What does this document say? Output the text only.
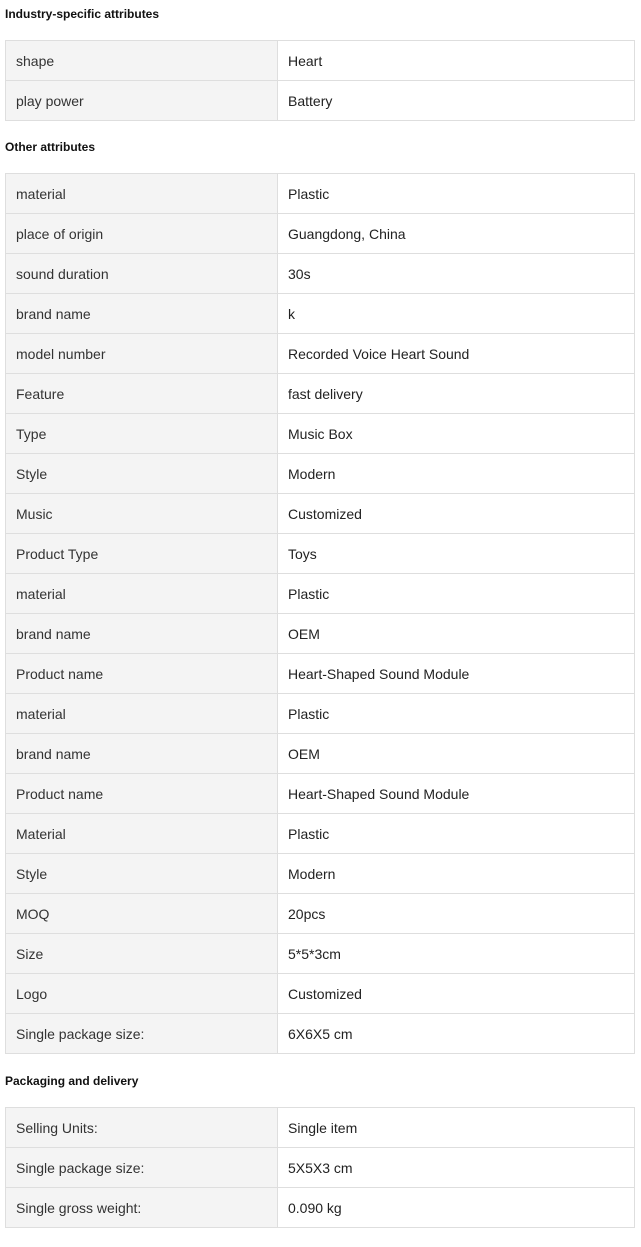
Industry-specific attributes
shape	Heart
play power	Battery
Other attributes
material	Plastic
place of origin	Guangdong, China
sound duration	30s
brand name	k
model number	Recorded Voice Heart Sound
Feature	fast delivery
Type	Music Box
Style	Modern
Music	Customized
Product Type	Toys
material	Plastic
brand name	OEM
Product name	Heart-Shaped Sound Module
material	Plastic
brand name	OEM
Product name	Heart-Shaped Sound Module
Material	Plastic
Style	Modern
MOQ	20pcs
Size	5*5*3cm
Logo	Customized
Single package size:	6X6X5 cm
Packaging and delivery
Selling Units:	Single item
Single package size:	5X5X3 cm
Single gross weight:	0.090 kg
